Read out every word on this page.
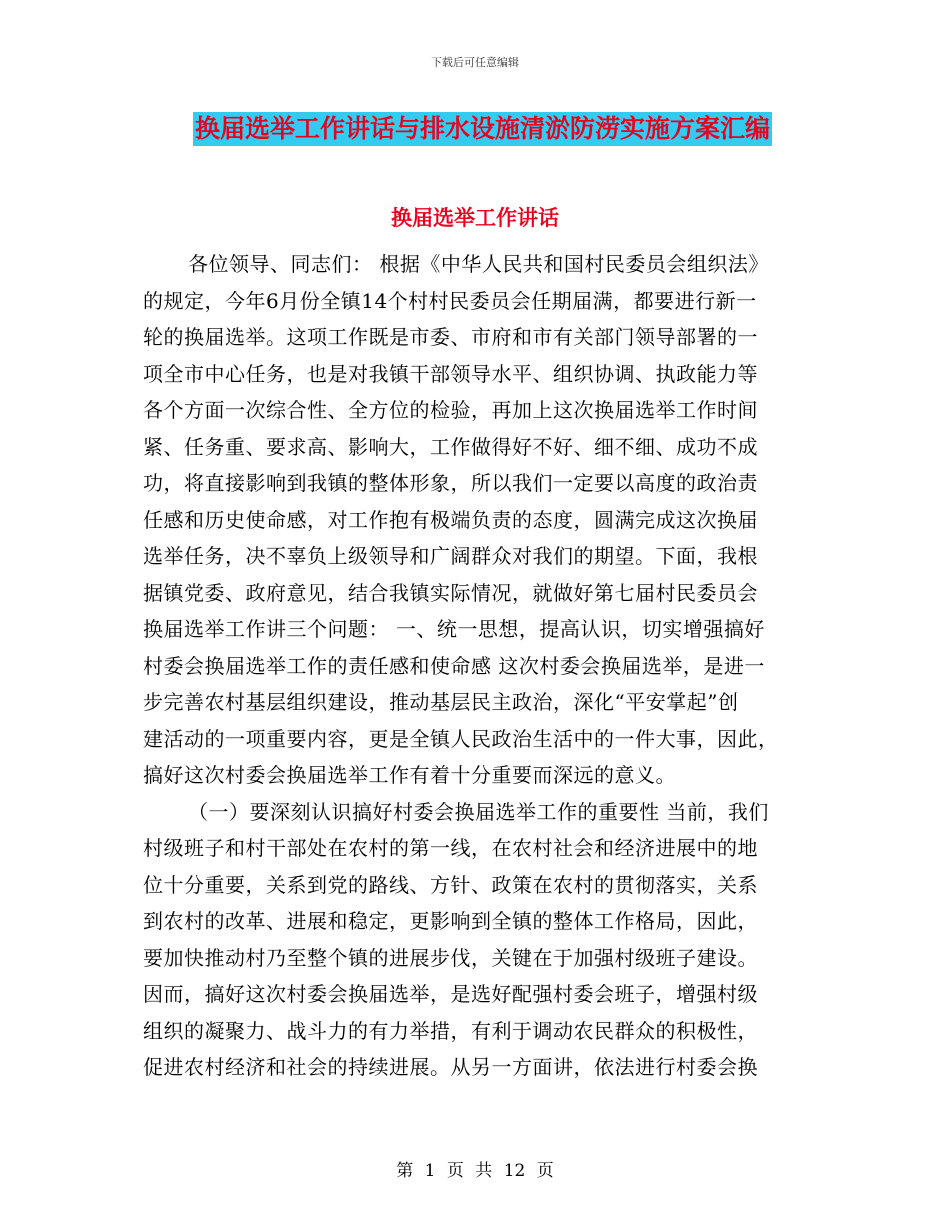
下载后可任意编辑
换届选举工作讲话与排水设施清淤防涝实施方案汇编
换届选举工作讲话
各位领导、同志们： 根据《中华人民共和国村民委员会组织法》
的规定，今年6月份全镇14个村村民委员会任期届满，都要进行新一
轮的换届选举。这项工作既是市委、市府和市有关部门领导部署的一
项全市中心任务，也是对我镇干部领导水平、组织协调、执政能力等
各个方面一次综合性、全方位的检验，再加上这次换届选举工作时间
紧、任务重、要求高、影响大，工作做得好不好、细不细、成功不成
功，将直接影响到我镇的整体形象，所以我们一定要以高度的政治责
任感和历史使命感，对工作抱有极端负责的态度，圆满完成这次换届
选举任务，决不辜负上级领导和广阔群众对我们的期望。下面，我根
据镇党委、政府意见，结合我镇实际情况，就做好第七届村民委员会
换届选举工作讲三个问题： 一、统一思想，提高认识，切实增强搞好
村委会换届选举工作的责任感和使命感 这次村委会换届选举，是进一
步完善农村基层组织建设，推动基层民主政治，深化“平安掌起”创
建活动的一项重要内容，更是全镇人民政治生活中的一件大事，因此，
搞好这次村委会换届选举工作有着十分重要而深远的意义。
（一）要深刻认识搞好村委会换届选举工作的重要性 当前，我们
村级班子和村干部处在农村的第一线，在农村社会和经济进展中的地
位十分重要，关系到党的路线、方针、政策在农村的贯彻落实，关系
到农村的改革、进展和稳定，更影响到全镇的整体工作格局，因此，
要加快推动村乃至整个镇的进展步伐，关键在于加强村级班子建设。
因而，搞好这次村委会换届选举，是选好配强村委会班子，增强村级
组织的凝聚力、战斗力的有力举措，有利于调动农民群众的积极性，
促进农村经济和社会的持续进展。从另一方面讲，依法进行村委会换
第 1 页 共 12 页
